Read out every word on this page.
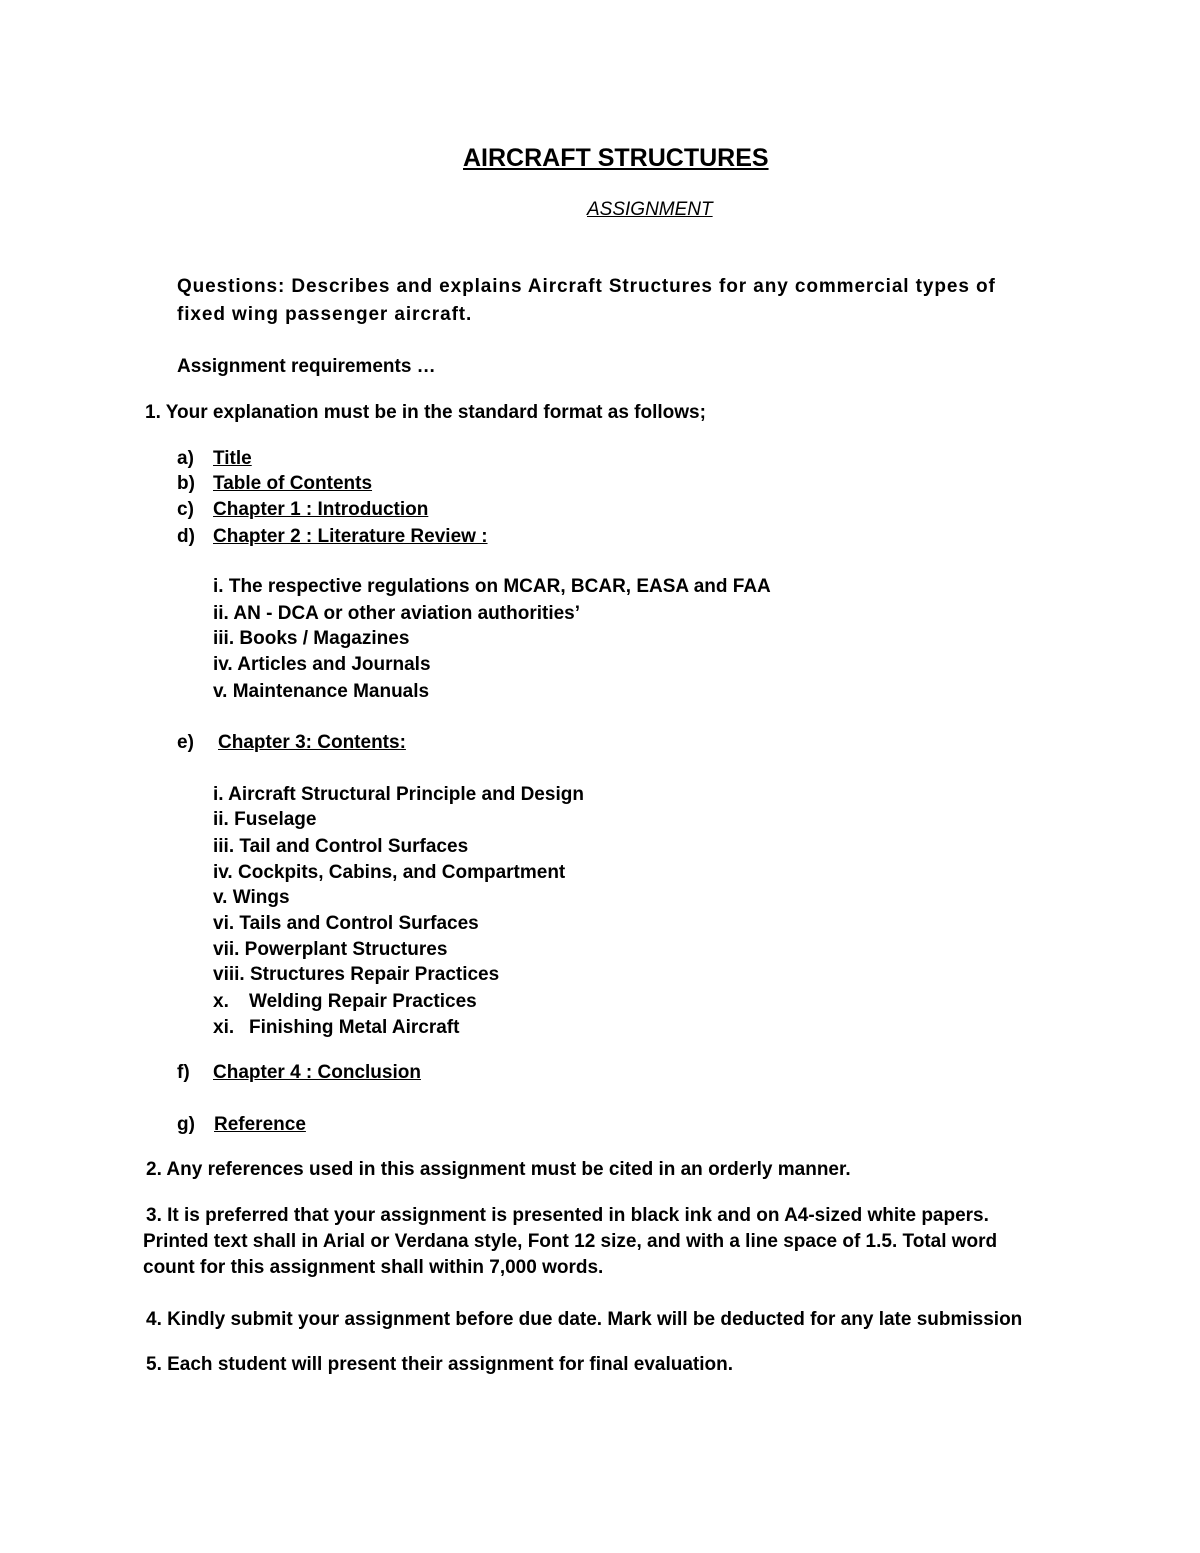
AIRCRAFT STRUCTURES
ASSIGNMENT
Questions: Describes and explains Aircraft Structures for any commercial types of
fixed wing passenger aircraft.
Assignment requirements …
1. Your explanation must be in the standard format as follows;
a) Title
b) Table of Contents
c) Chapter 1 : Introduction
d) Chapter 2 : Literature Review :
i. The respective regulations on MCAR, BCAR, EASA and FAA
ii. AN - DCA or other aviation authorities’
iii. Books / Magazines
iv. Articles and Journals
v. Maintenance Manuals
e) Chapter 3: Contents:
i. Aircraft Structural Principle and Design
ii. Fuselage
iii. Tail and Control Surfaces
iv. Cockpits, Cabins, and Compartment
v. Wings
vi. Tails and Control Surfaces
vii. Powerplant Structures
viii. Structures Repair Practices
x. Welding Repair Practices
xi. Finishing Metal Aircraft
f) Chapter 4 : Conclusion
g) Reference
2. Any references used in this assignment must be cited in an orderly manner.
3. It is preferred that your assignment is presented in black ink and on A4-sized white papers.
Printed text shall in Arial or Verdana style, Font 12 size, and with a line space of 1.5. Total word
count for this assignment shall within 7,000 words.
4. Kindly submit your assignment before due date. Mark will be deducted for any late submission
5. Each student will present their assignment for final evaluation.
